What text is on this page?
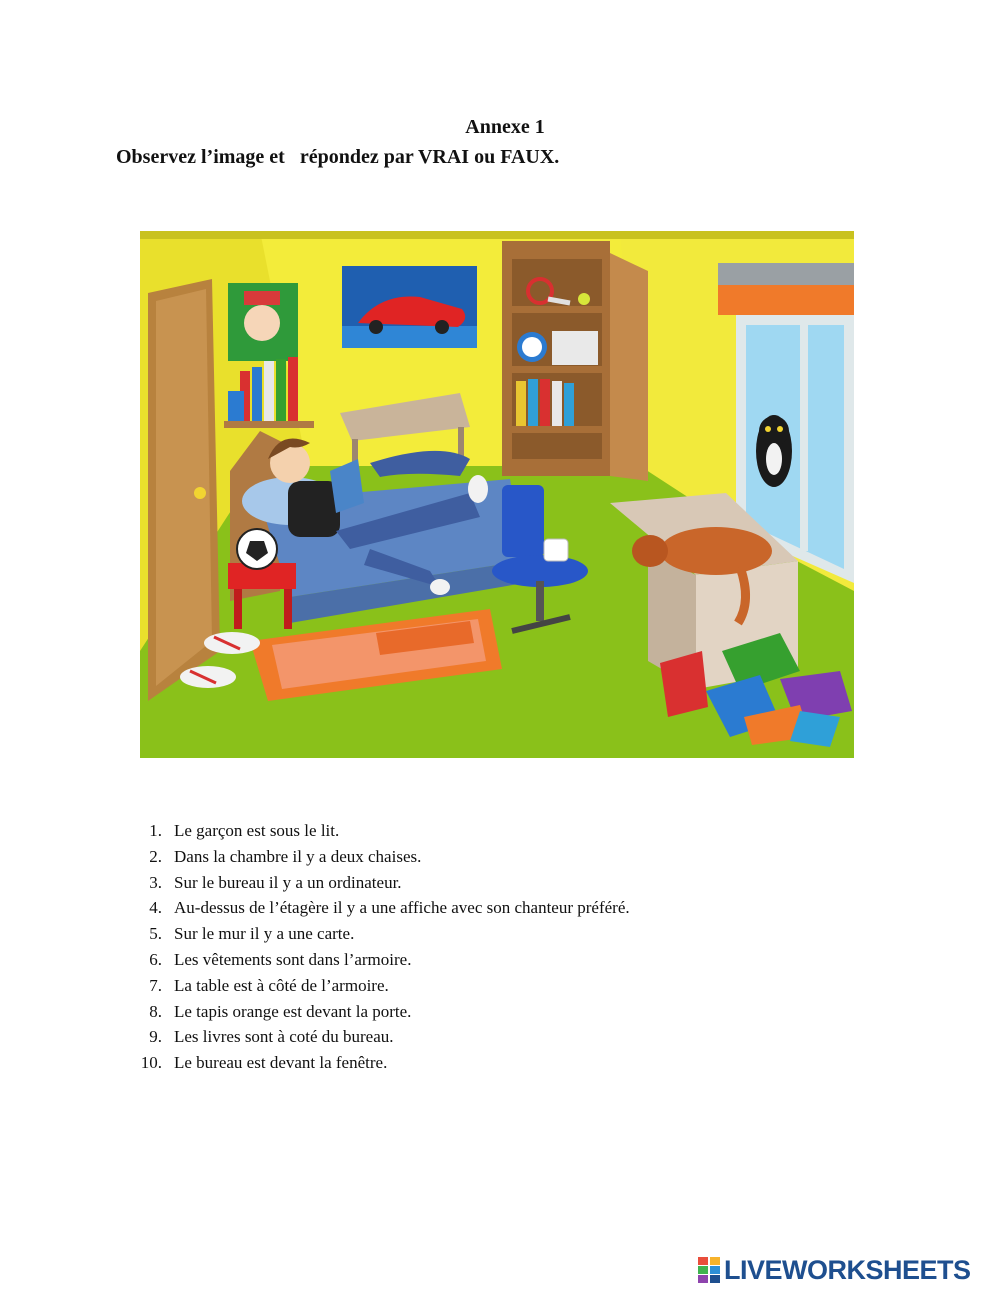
Annexe 1
Observez l’image et   répondez par VRAI ou FAUX.
1. Le garçon est sous le lit.
2. Dans la chambre il y a deux chaises.
3. Sur le bureau il y a un ordinateur.
4. Au-dessus de l’étagère il y a une affiche avec son chanteur préféré.
5. Sur le mur il y a une carte.
6. Les vêtements sont dans l’armoire.
7. La table est à côté de l’armoire.
8. Le tapis orange est devant la porte.
9. Les livres sont à coté du bureau.
10. Le bureau est devant la fenêtre.
LIVEWORKSHEETS
